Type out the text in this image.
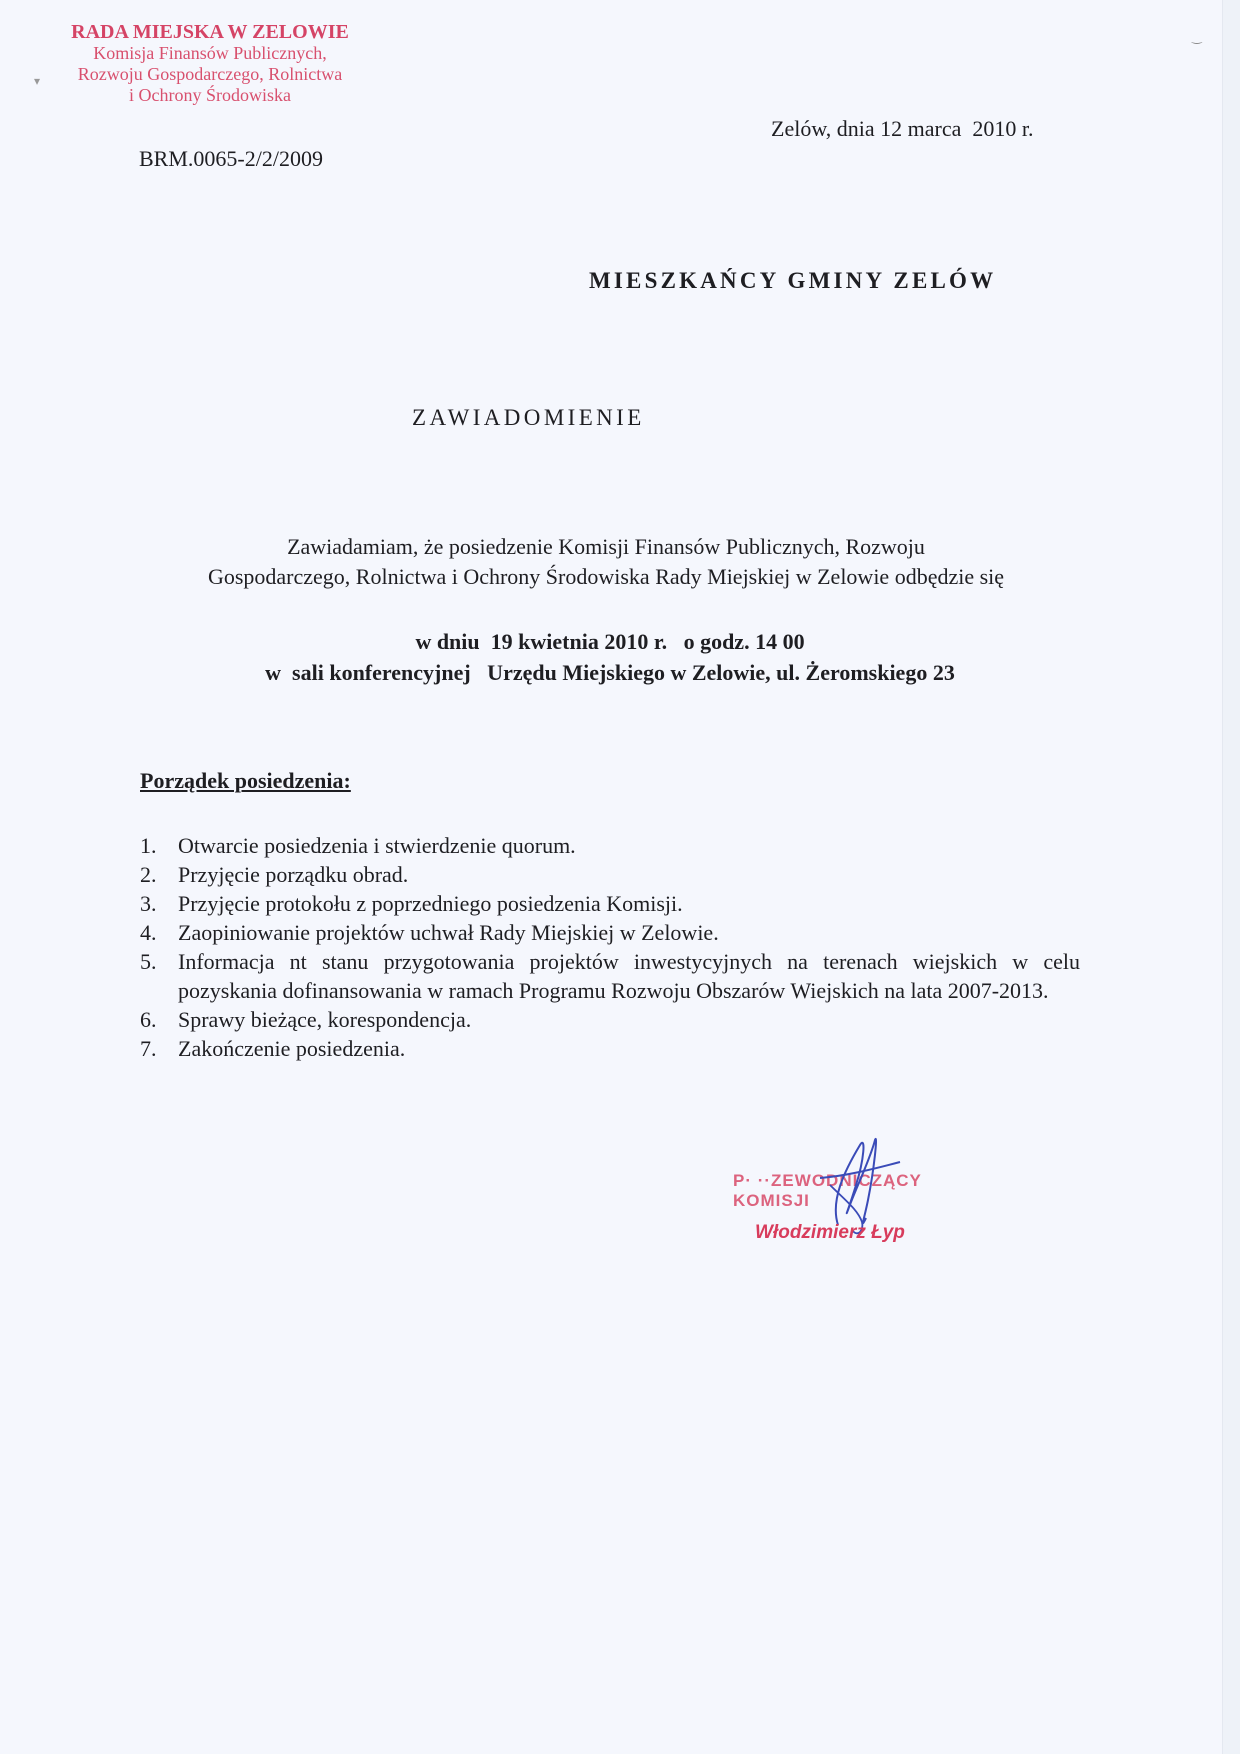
RADA MIEJSKA W ZELOWIE
Komisja Finansów Publicznych,
Rozwoju Gospodarczego, Rolnictwa
i Ochrony Środowiska
▾
‿
BRM.0065-2/2/2009
Zelów, dnia 12 marca  2010 r.
MIESZKAŃCY GMINY ZELÓW
ZAWIADOMIENIE
Zawiadamiam, że posiedzenie Komisji Finansów Publicznych, Rozwoju
Gospodarczego, Rolnictwa i Ochrony Środowiska Rady Miejskiej w Zelowie odbędzie się
w dniu  19 kwietnia 2010 r.   o godz. 14 00
w  sali konferencyjnej   Urzędu Miejskiego w Zelowie, ul. Żeromskiego 23
Porządek posiedzenia:
1. Otwarcie posiedzenia i stwierdzenie quorum.
2. Przyjęcie porządku obrad.
3. Przyjęcie protokołu z poprzedniego posiedzenia Komisji.
4. Zaopiniowanie projektów uchwał Rady Miejskiej w Zelowie.
5. Informacja nt stanu przygotowania projektów inwestycyjnych na terenach wiejskich w celu pozyskania dofinansowania w ramach Programu Rozwoju Obszarów Wiejskich na lata 2007-2013.
6. Sprawy bieżące, korespondencja.
7. Zakończenie posiedzenia.
P· ··ZEWODNICZĄCY KOMISJI
Włodzimierz Łyp
